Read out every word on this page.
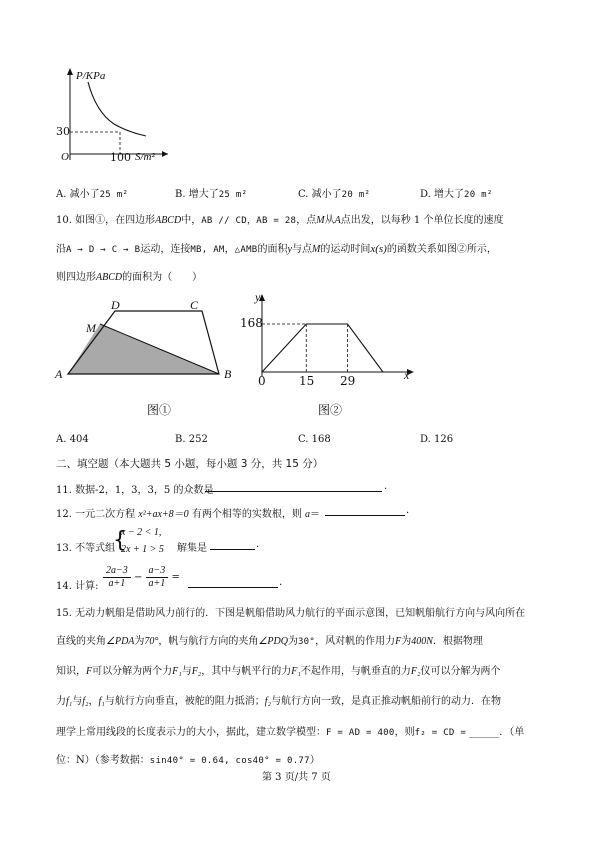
P/KPa
S/m²
O
30
100
A. 减小了25 m²	B. 增大了25 m²	C. 减小了20 m²	D. 增大了20 m²
10. 如图①，在四边形ABCD中，AB // CD，AB = 28，点M从A点出发，以每秒 1 个单位长度的速度
沿A → D → C → B运动，连接MB, AM，△AMB的面积y与点M的运动时间x(s)的函数关系如图②所示，
则四边形ABCD的面积为（　　）
D	C
M
A	B
图①
y
x
0
168
15 29
图②
A. 404	B. 252	C. 168	D. 126
二、填空题（本大题共 5 小题，每小题 3 分，共 15 分）
11. 数据-2，1，3，3，5 的众数是	.
12. 一元二次方程 x²+ax+8＝0 有两个相等的实数根，则 a＝	.
13. 不等式组
{
x − 2 < 1,
2x + 1 > 5 解集是	.
14. 计算: $\frac{2a-3}{a+1} - \frac{a-3}{a+1}$ =	.
15. 无动力帆船是借助风力前行的．下图是帆船借助风力航行的平面示意图，已知帆船航行方向与风向所在
直线的夹角∠PDA为70°，帆与航行方向的夹角∠PDQ为30°，风对帆的作用力F为400N．根据物理
知识，F可以分解为两个力F₁与F₂，其中与帆平行的力F₁不起作用，与帆垂直的力F₂仪可以分解为两个
力f₁与f₂，f₁与航行方向垂直，被舵的阻力抵消；f₂与航行方向一致，是真正推动帆船前行的动力．在物
理学上常用线段的长度表示力的大小，据此，建立数学模型：F = AD = 400，则f₂ = CD = ______．（单
位：N）（参考数据：sin40° = 0.64, cos40° = 0.77）
第 3 页/共 7 页
